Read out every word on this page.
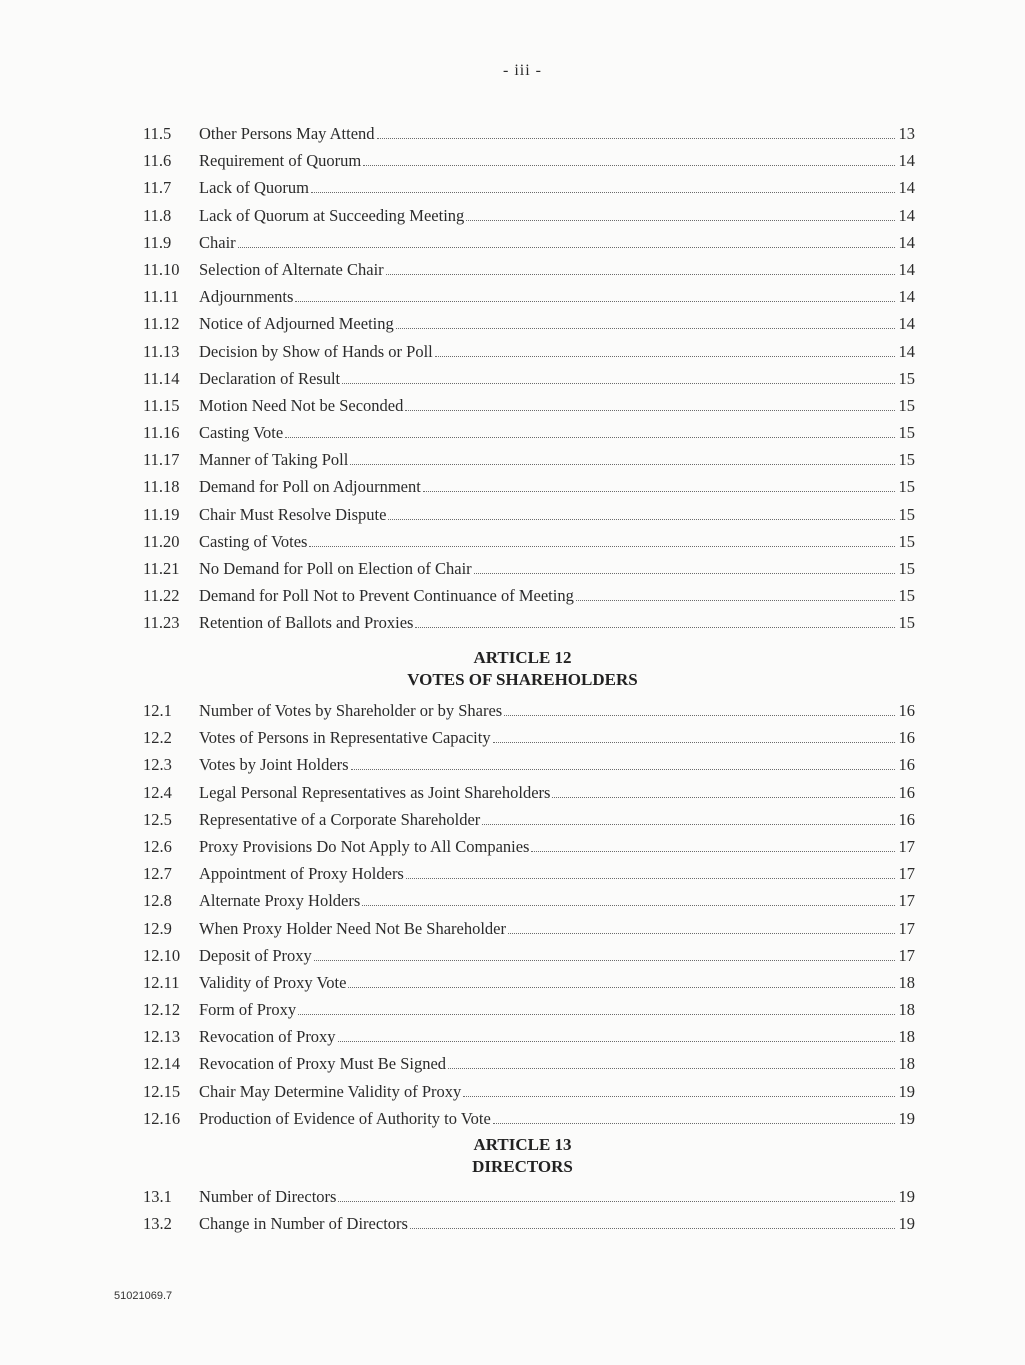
- iii -
11.5	Other Persons May Attend	13
11.6	Requirement of Quorum	14
11.7	Lack of Quorum	14
11.8	Lack of Quorum at Succeeding Meeting	14
11.9	Chair	14
11.10	Selection of Alternate Chair	14
11.11	Adjournments	14
11.12	Notice of Adjourned Meeting	14
11.13	Decision by Show of Hands or Poll	14
11.14	Declaration of Result	15
11.15	Motion Need Not be Seconded	15
11.16	Casting Vote	15
11.17	Manner of Taking Poll	15
11.18	Demand for Poll on Adjournment	15
11.19	Chair Must Resolve Dispute	15
11.20	Casting of Votes	15
11.21	No Demand for Poll on Election of Chair	15
11.22	Demand for Poll Not to Prevent Continuance of Meeting	15
11.23	Retention of Ballots and Proxies	15
ARTICLE 12
VOTES OF SHAREHOLDERS
12.1	Number of Votes by Shareholder or by Shares	16
12.2	Votes of Persons in Representative Capacity	16
12.3	Votes by Joint Holders	16
12.4	Legal Personal Representatives as Joint Shareholders	16
12.5	Representative of a Corporate Shareholder	16
12.6	Proxy Provisions Do Not Apply to All Companies	17
12.7	Appointment of Proxy Holders	17
12.8	Alternate Proxy Holders	17
12.9	When Proxy Holder Need Not Be Shareholder	17
12.10	Deposit of Proxy	17
12.11	Validity of Proxy Vote	18
12.12	Form of Proxy	18
12.13	Revocation of Proxy	18
12.14	Revocation of Proxy Must Be Signed	18
12.15	Chair May Determine Validity of Proxy	19
12.16	Production of Evidence of Authority to Vote	19
ARTICLE 13
DIRECTORS
13.1	Number of Directors	19
13.2	Change in Number of Directors	19
51021069.7
